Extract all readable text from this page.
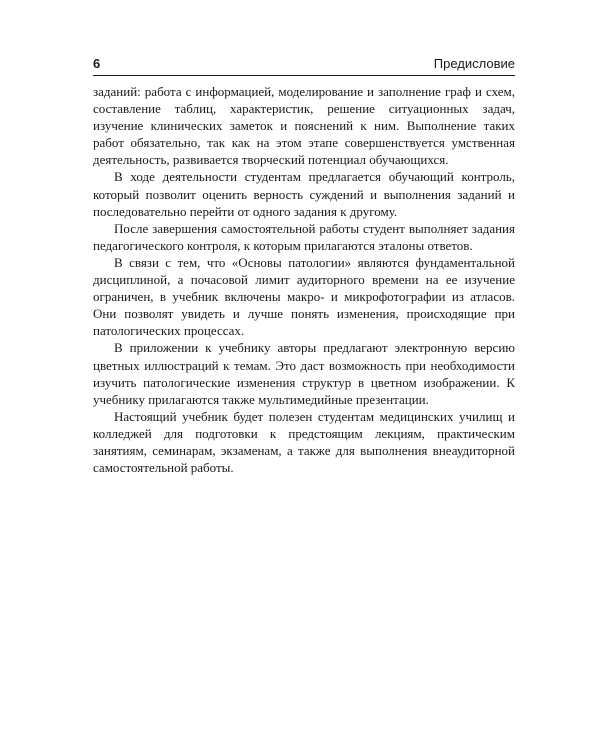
6	Предисловие

заданий: работа с информацией, моделирование и заполнение граф и схем, составление таблиц, характеристик, решение ситуационных задач, изучение клинических заметок и пояснений к ним. Выполнение таких работ обязательно, так как на этом этапе совершенствуется умственная деятельность, развивается творческий потенциал обучающихся.

В ходе деятельности студентам предлагается обучающий контроль, который позволит оценить верность суждений и выполнения заданий и последовательно перейти от одного задания к другому.

После завершения самостоятельной работы студент выполняет задания педагогического контроля, к которым прилагаются эталоны ответов.

В связи с тем, что «Основы патологии» являются фундаментальной дисциплиной, а почасовой лимит аудиторного времени на ее изучение ограничен, в учебник включены макро- и микрофотографии из атласов. Они позволят увидеть и лучше понять изменения, происходящие при патологических процессах.

В приложении к учебнику авторы предлагают электронную версию цветных иллюстраций к темам. Это даст возможность при необходимости изучить патологические изменения структур в цветном изображении. К учебнику прилагаются также мультимедийные презентации.

Настоящий учебник будет полезен студентам медицинских училищ и колледжей для подготовки к предстоящим лекциям, практическим занятиям, семинарам, экзаменам, а также для выполнения внеаудиторной самостоятельной работы.
